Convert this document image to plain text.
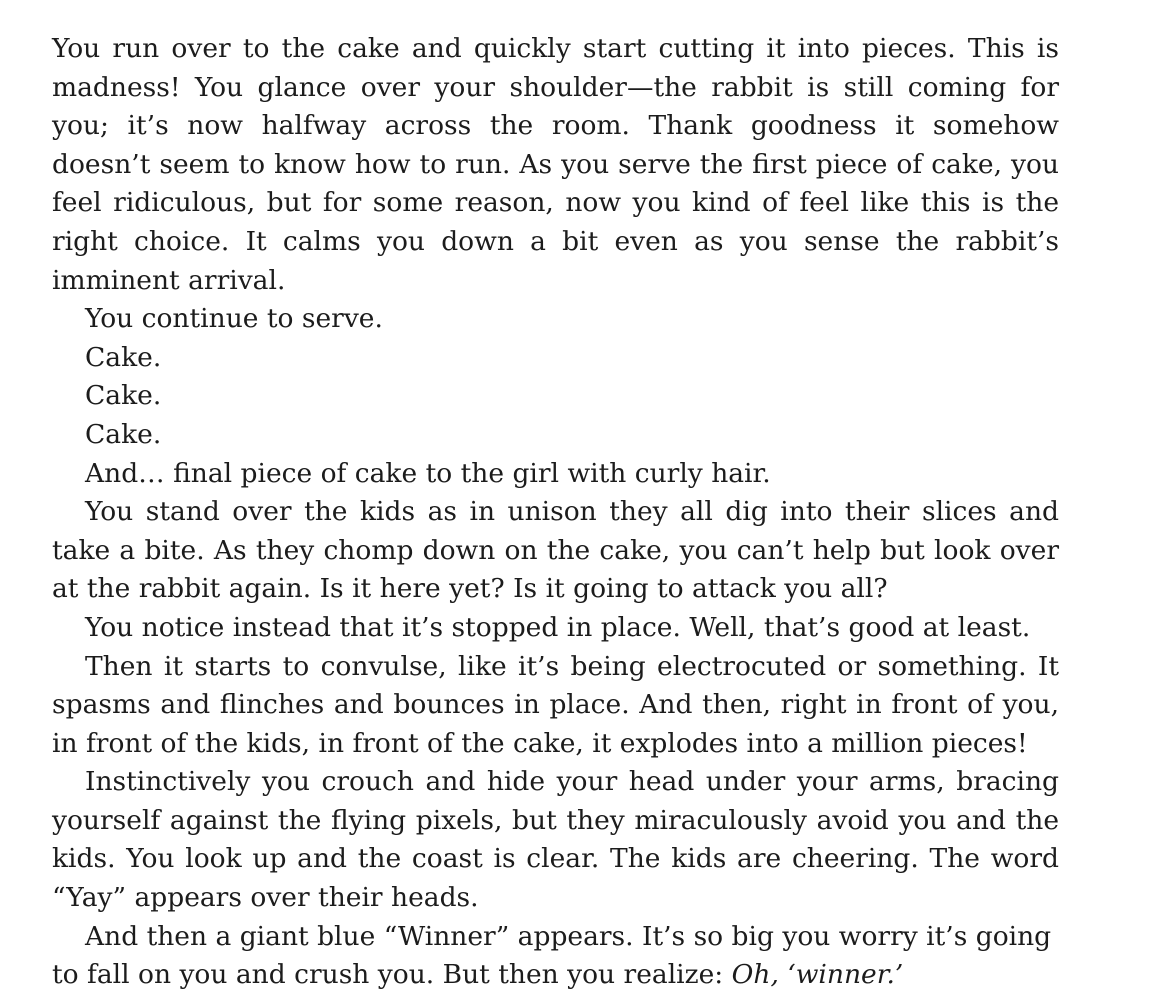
You run over to the cake and quickly start cutting it into pieces. This is madness! You glance over your shoulder—the rabbit is still coming for you; it’s now halfway across the room. Thank goodness it somehow doesn’t seem to know how to run. As you serve the first piece of cake, you feel ridiculous, but for some reason, now you kind of feel like this is the right choice. It calms you down a bit even as you sense the rabbit’s imminent arrival.

You continue to serve.

Cake.

Cake.

Cake.

And… final piece of cake to the girl with curly hair.

You stand over the kids as in unison they all dig into their slices and take a bite. As they chomp down on the cake, you can’t help but look over at the rabbit again. Is it here yet? Is it going to attack you all?

You notice instead that it’s stopped in place. Well, that’s good at least.

Then it starts to convulse, like it’s being electrocuted or something. It spasms and flinches and bounces in place. And then, right in front of you, in front of the kids, in front of the cake, it explodes into a million pieces!

Instinctively you crouch and hide your head under your arms, bracing yourself against the flying pixels, but they miraculously avoid you and the kids. You look up and the coast is clear. The kids are cheering. The word “Yay” appears over their heads.

And then a giant blue “Winner” appears. It’s so big you worry it’s going to fall on you and crush you. But then you realize: Oh, ‘winner.’
